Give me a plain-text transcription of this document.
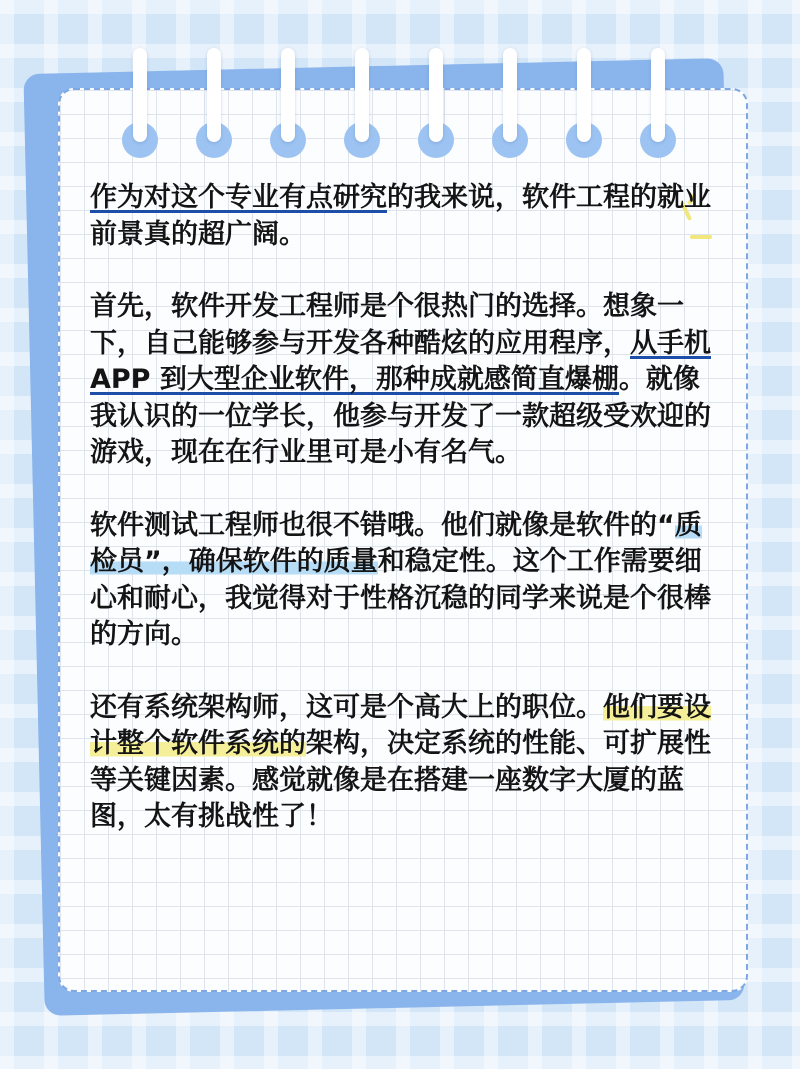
作为对这个专业有点研究的我来说，软件工程的就业前景真的超广阔。

首先，软件开发工程师是个很热门的选择。想象一下，自己能够参与开发各种酷炫的应用程序，从手机 APP 到大型企业软件，那种成就感简直爆棚。就像我认识的一位学长，他参与开发了一款超级受欢迎的游戏，现在在行业里可是小有名气。

软件测试工程师也很不错哦。他们就像是软件的“质检员”，确保软件的质量和稳定性。这个工作需要细心和耐心，我觉得对于性格沉稳的同学来说是个很棒的方向。

还有系统架构师，这可是个高大上的职位。他们要设计整个软件系统的架构，决定系统的性能、可扩展性等关键因素。感觉就像是在搭建一座数字大厦的蓝图，太有挑战性了！
